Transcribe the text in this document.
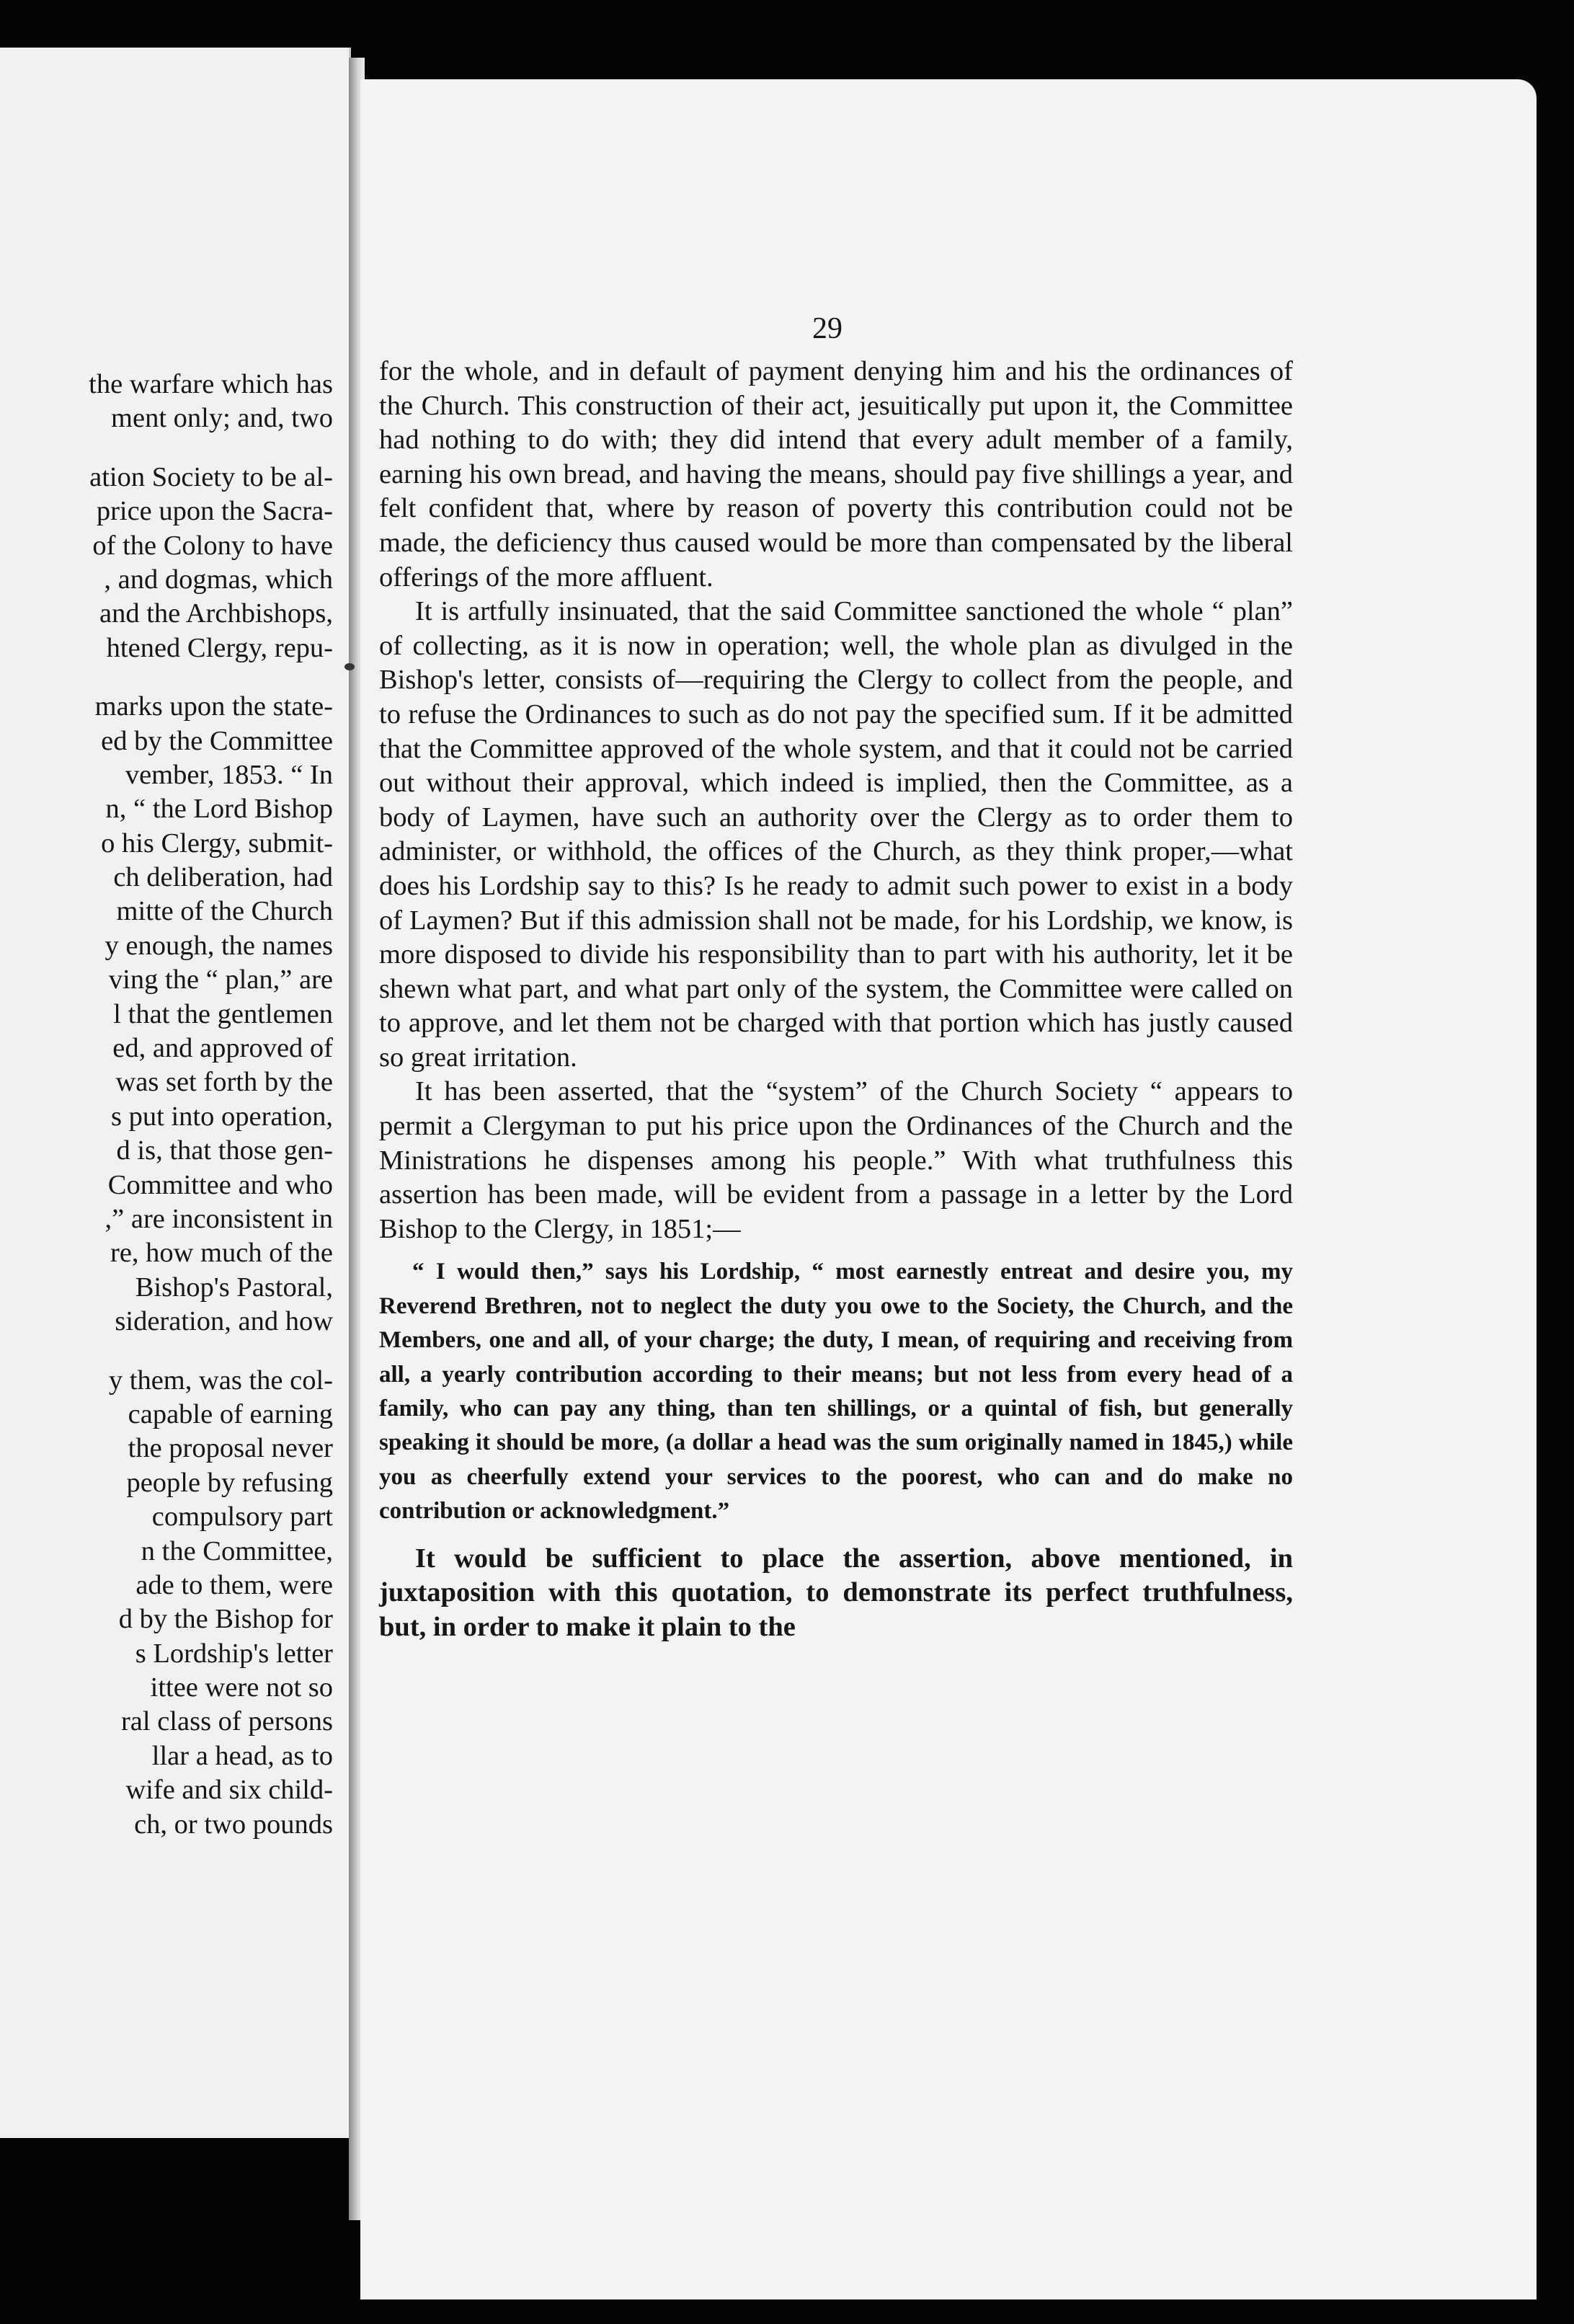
the warfare which has
ment only; and, two
ation Society to be al-
price upon the Sacra-
of the Colony to have
, and dogmas, which
and the Archbishops,
htened Clergy, repu-
marks upon the state-
ed by the Committee
vember, 1853. “ In
n, “ the Lord Bishop
o his Clergy, submit-
ch deliberation, had
mitte of the Church
y enough, the names
ving the “ plan,” are
l that the gentlemen
ed, and approved of
was set forth by the
s put into operation,
d is, that those gen-
Committee and who
,” are inconsistent in
re, how much of the
Bishop's Pastoral,
sideration, and how
y them, was the col-
capable of earning
the proposal never
people by refusing
compulsory part
n the Committee,
ade to them, were
d by the Bishop for
s Lordship's letter
ittee were not so
ral class of persons
llar a head, as to
wife and six child-
ch, or two pounds
29

for the whole, and in default of payment denying him and his the ordinances of the Church. This construction of their act, jesuitically put upon it, the Committee had nothing to do with; they did intend that every adult member of a family, earning his own bread, and having the means, should pay five shillings a year, and felt confident that, where by reason of poverty this contribution could not be made, the deficiency thus caused would be more than compensated by the liberal offerings of the more affluent.

It is artfully insinuated, that the said Committee sanctioned the whole “ plan” of collecting, as it is now in operation; well, the whole plan as divulged in the Bishop's letter, consists of—requiring the Clergy to collect from the people, and to refuse the Ordinances to such as do not pay the specified sum. If it be admitted that the Committee approved of the whole system, and that it could not be carried out without their approval, which indeed is implied, then the Committee, as a body of Laymen, have such an authority over the Clergy as to order them to administer, or withhold, the offices of the Church, as they think proper,—what does his Lordship say to this? Is he ready to admit such power to exist in a body of Laymen? But if this admission shall not be made, for his Lordship, we know, is more disposed to divide his responsibility than to part with his authority, let it be shewn what part, and what part only of the system, the Committee were called on to approve, and let them not be charged with that portion which has justly caused so great irritation.

It has been asserted, that the “system” of the Church Society “ appears to permit a Clergyman to put his price upon the Ordinances of the Church and the Ministrations he dispenses among his people.” With what truthfulness this assertion has been made, will be evident from a passage in a letter by the Lord Bishop to the Clergy, in 1851;—

“ I would then,” says his Lordship, “ most earnestly entreat and desire you, my Reverend Brethren, not to neglect the duty you owe to the Society, the Church, and the Members, one and all, of your charge; the duty, I mean, of requiring and receiving from all, a yearly contribution according to their means; but not less from every head of a family, who can pay any thing, than ten shillings, or a quintal of fish, but generally speaking it should be more, (a dollar a head was the sum originally named in 1845,) while you as cheerfully extend your services to the poorest, who can and do make no contribution or acknowledgment.”

It would be sufficient to place the assertion, above mentioned, in juxtaposition with this quotation, to demonstrate its perfect truthfulness, but, in order to make it plain to the
